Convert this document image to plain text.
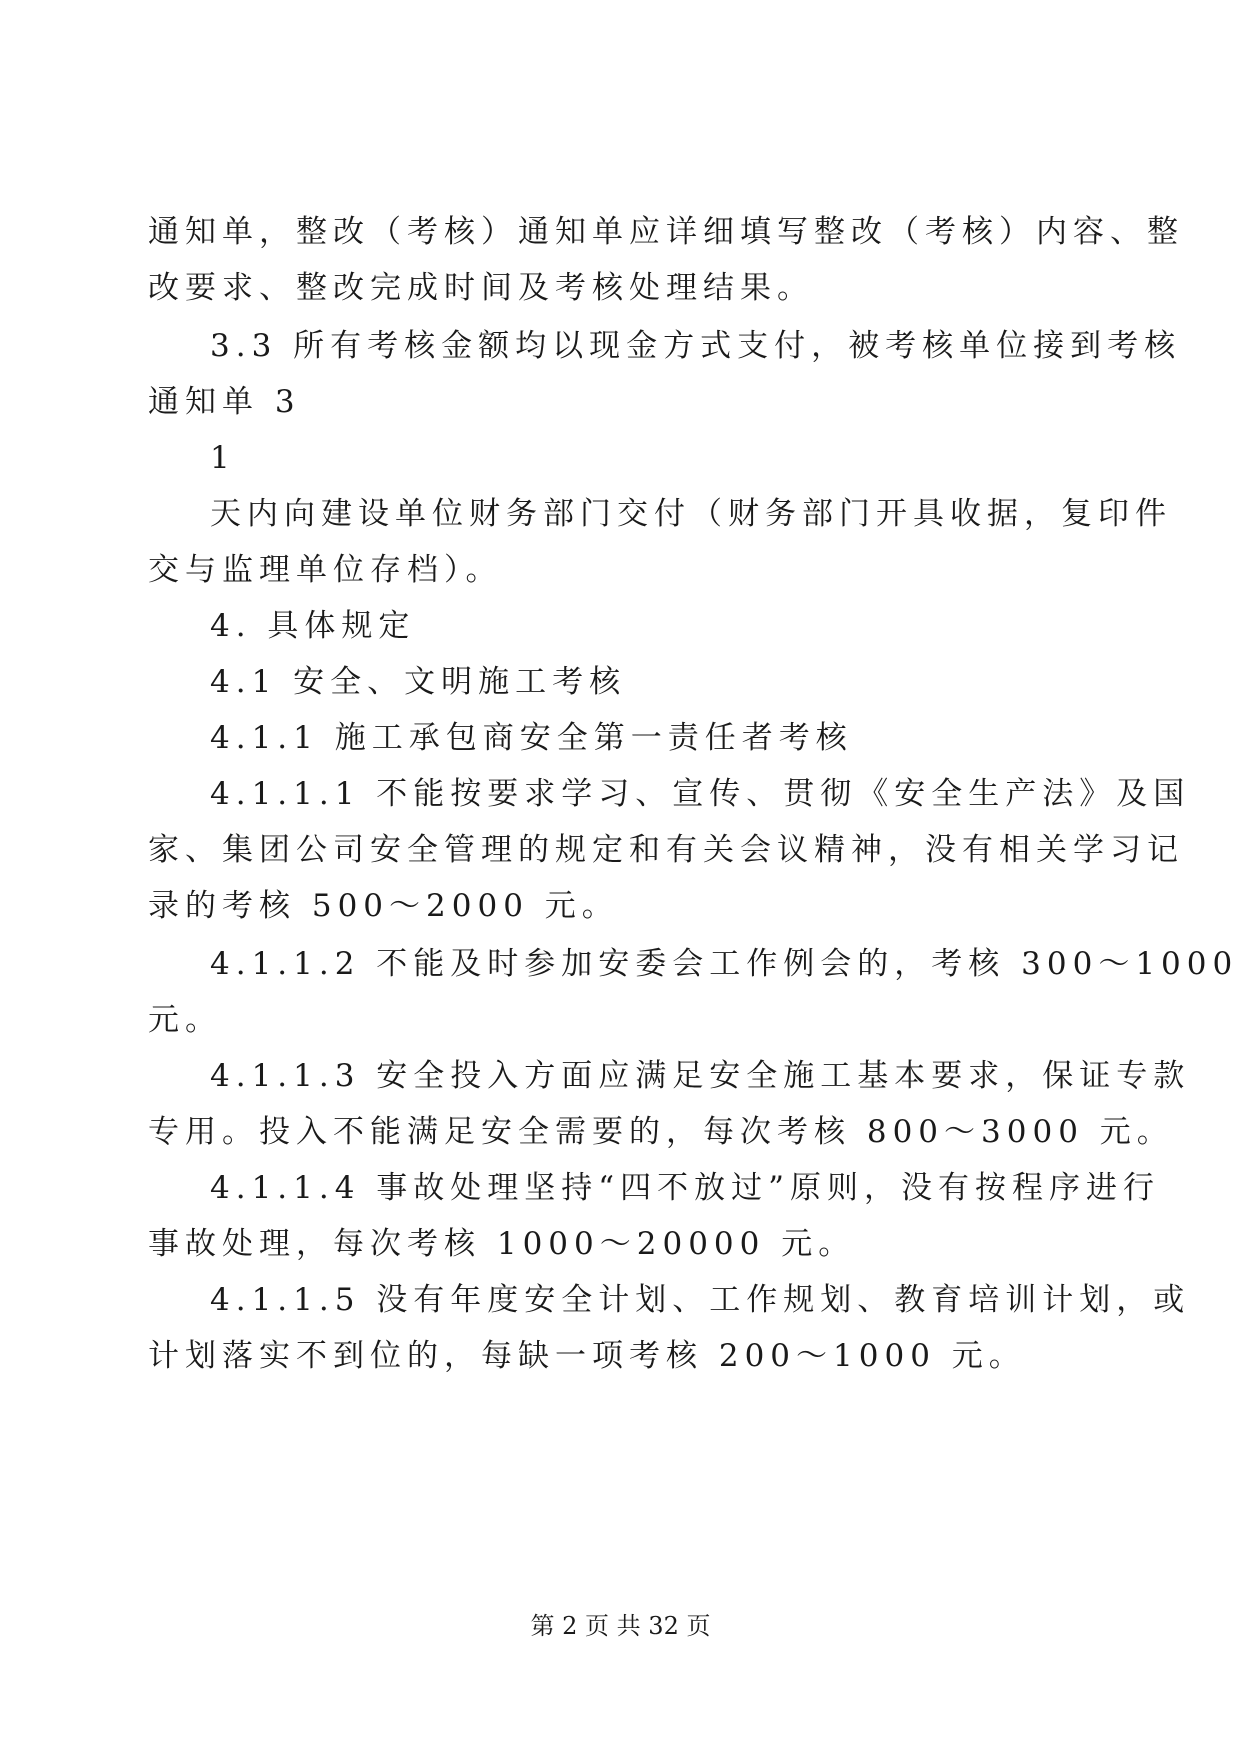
通知单，整改（考核）通知单应详细填写整改（考核）内容、整
改要求、整改完成时间及考核处理结果。
3.3 所有考核金额均以现金方式支付，被考核单位接到考核
通知单 3
1
天内向建设单位财务部门交付（财务部门开具收据，复印件
交与监理单位存档）。
4. 具体规定
4.1 安全、文明施工考核
4.1.1 施工承包商安全第一责任者考核
4.1.1.1 不能按要求学习、宣传、贯彻《安全生产法》及国
家、集团公司安全管理的规定和有关会议精神，没有相关学习记
录的考核 500～2000 元。
4.1.1.2 不能及时参加安委会工作例会的，考核 300～1000
元。
4.1.1.3 安全投入方面应满足安全施工基本要求，保证专款
专用。投入不能满足安全需要的，每次考核 800～3000 元。
4.1.1.4 事故处理坚持“四不放过”原则，没有按程序进行
事故处理，每次考核 1000～20000 元。
4.1.1.5 没有年度安全计划、工作规划、教育培训计划，或
计划落实不到位的，每缺一项考核 200～1000 元。
第 2 页 共 32 页
